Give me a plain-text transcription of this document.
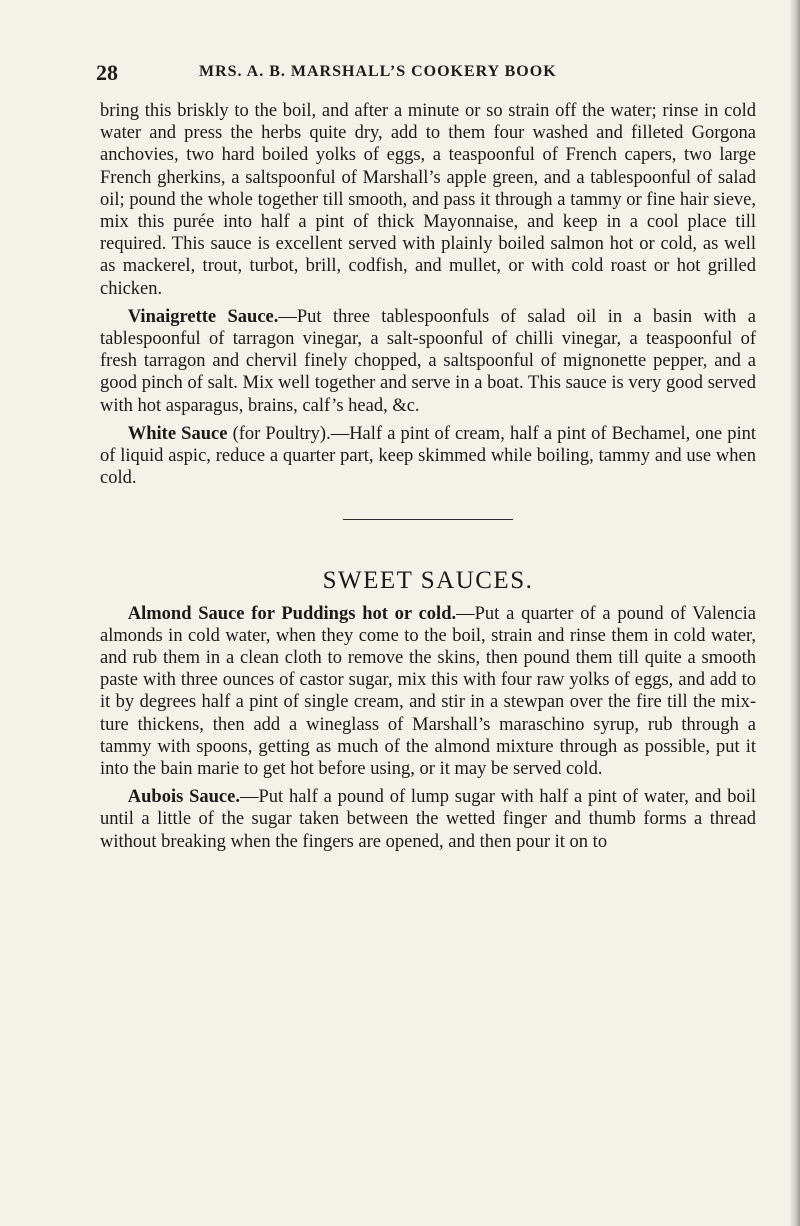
28	MRS. A. B. MARSHALL’S COOKERY BOOK

bring this briskly to the boil, and after a minute or so strain off the water; rinse in cold water and press the herbs quite dry, add to them four washed and filleted Gorgona anchovies, two hard boiled yolks of eggs, a teaspoonful of French capers, two large French gherkins, a saltspoonful of Marshall’s apple green, and a tablespoonful of salad oil; pound the whole together till smooth, and pass it through a tammy or fine hair sieve, mix this purée into half a pint of thick Mayonnaise, and keep in a cool place till required. This sauce is excellent served with plainly boiled salmon hot or cold, as well as mackerel, trout, turbot, brill, codfish, and mullet, or with cold roast or hot grilled chicken.

Vinaigrette Sauce.—Put three tablespoonfuls of salad oil in a basin with a tablespoonful of tarragon vinegar, a salt-spoonful of chilli vinegar, a teaspoonful of fresh tarragon and chervil finely chopped, a saltspoonful of mignonette pepper, and a good pinch of salt. Mix well together and serve in a boat. This sauce is very good served with hot asparagus, brains, calf’s head, &c.

White Sauce (for Poultry).—Half a pint of cream, half a pint of Bechamel, one pint of liquid aspic, reduce a quarter part, keep skimmed while boiling, tammy and use when cold.

SWEET SAUCES.

Almond Sauce for Puddings hot or cold.—Put a quarter of a pound of Valencia almonds in cold water, when they come to the boil, strain and rinse them in cold water, and rub them in a clean cloth to remove the skins, then pound them till quite a smooth paste with three ounces of castor sugar, mix this with four raw yolks of eggs, and add to it by degrees half a pint of single cream, and stir in a stewpan over the fire till the mix-ture thickens, then add a wineglass of Marshall’s maraschino syrup, rub through a tammy with spoons, getting as much of the almond mixture through as possible, put it into the bain marie to get hot before using, or it may be served cold.

Aubois Sauce.—Put half a pound of lump sugar with half a pint of water, and boil until a little of the sugar taken between the wetted finger and thumb forms a thread without breaking when the fingers are opened, and then pour it on to
